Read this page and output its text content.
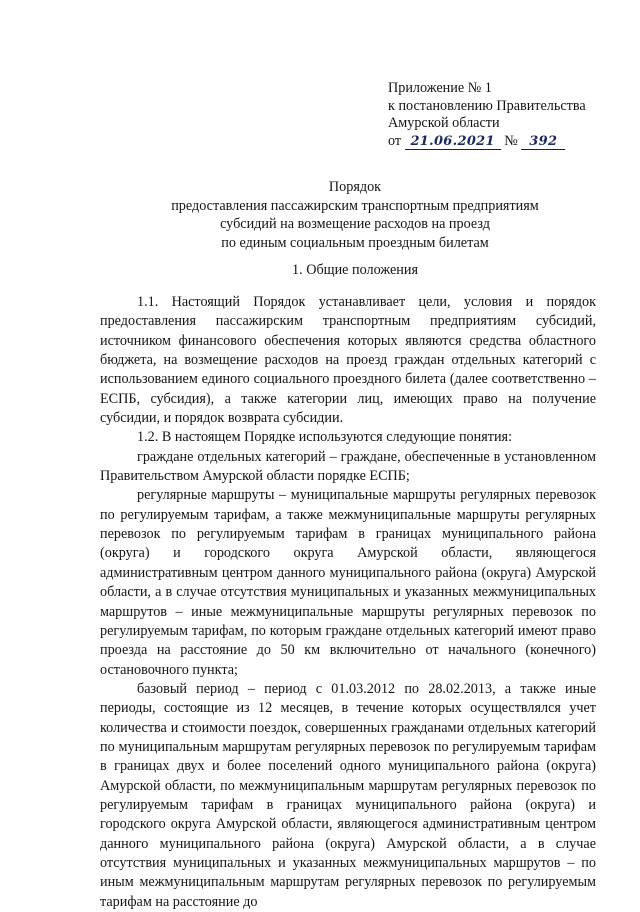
Приложение № 1
к постановлению Правительства
Амурской области
от 21.06.2021 № 392
Порядок
предоставления пассажирским транспортным предприятиям
субсидий на возмещение расходов на проезд
по единым социальным проездным билетам
1. Общие положения

1.1. Настоящий Порядок устанавливает цели, условия и порядок предоставления пассажирским транспортным предприятиям субсидий, источником финансового обеспечения которых являются средства областного бюджета, на возмещение расходов на проезд граждан отдельных категорий с использованием единого социального проездного билета (далее соответственно – ЕСПБ, субсидия), а также категории лиц, имеющих право на получение субсидии, и порядок возврата субсидии.

1.2. В настоящем Порядке используются следующие понятия:

граждане отдельных категорий – граждане, обеспеченные в установленном Правительством Амурской области порядке ЕСПБ;

регулярные маршруты – муниципальные маршруты регулярных перевозок по регулируемым тарифам, а также межмуниципальные маршруты регулярных перевозок по регулируемым тарифам в границах муниципального района (округа) и городского округа Амурской области, являющегося административным центром данного муниципального района (округа) Амурской области, а в случае отсутствия муниципальных и указанных межмуниципальных маршрутов – иные межмуниципальные маршруты регулярных перевозок по регулируемым тарифам, по которым граждане отдельных категорий имеют право проезда на расстояние до 50 км включительно от начального (конечного) остановочного пункта;

базовый период – период с 01.03.2012 по 28.02.2013, а также иные периоды, состоящие из 12 месяцев, в течение которых осуществлялся учет количества и стоимости поездок, совершенных гражданами отдельных категорий по муниципальным маршрутам регулярных перевозок по регулируемым тарифам в границах двух и более поселений одного муниципального района (округа) Амурской области, по межмуниципальным маршрутам регулярных перевозок по регулируемым тарифам в границах муниципального района (округа) и городского округа Амурской области, являющегося административным центром данного муниципального района (округа) Амурской области, а в случае отсутствия муниципальных и указанных межмуниципальных маршрутов – по иным межмуниципальным маршрутам регулярных перевозок по регулируемым тарифам на расстояние до
